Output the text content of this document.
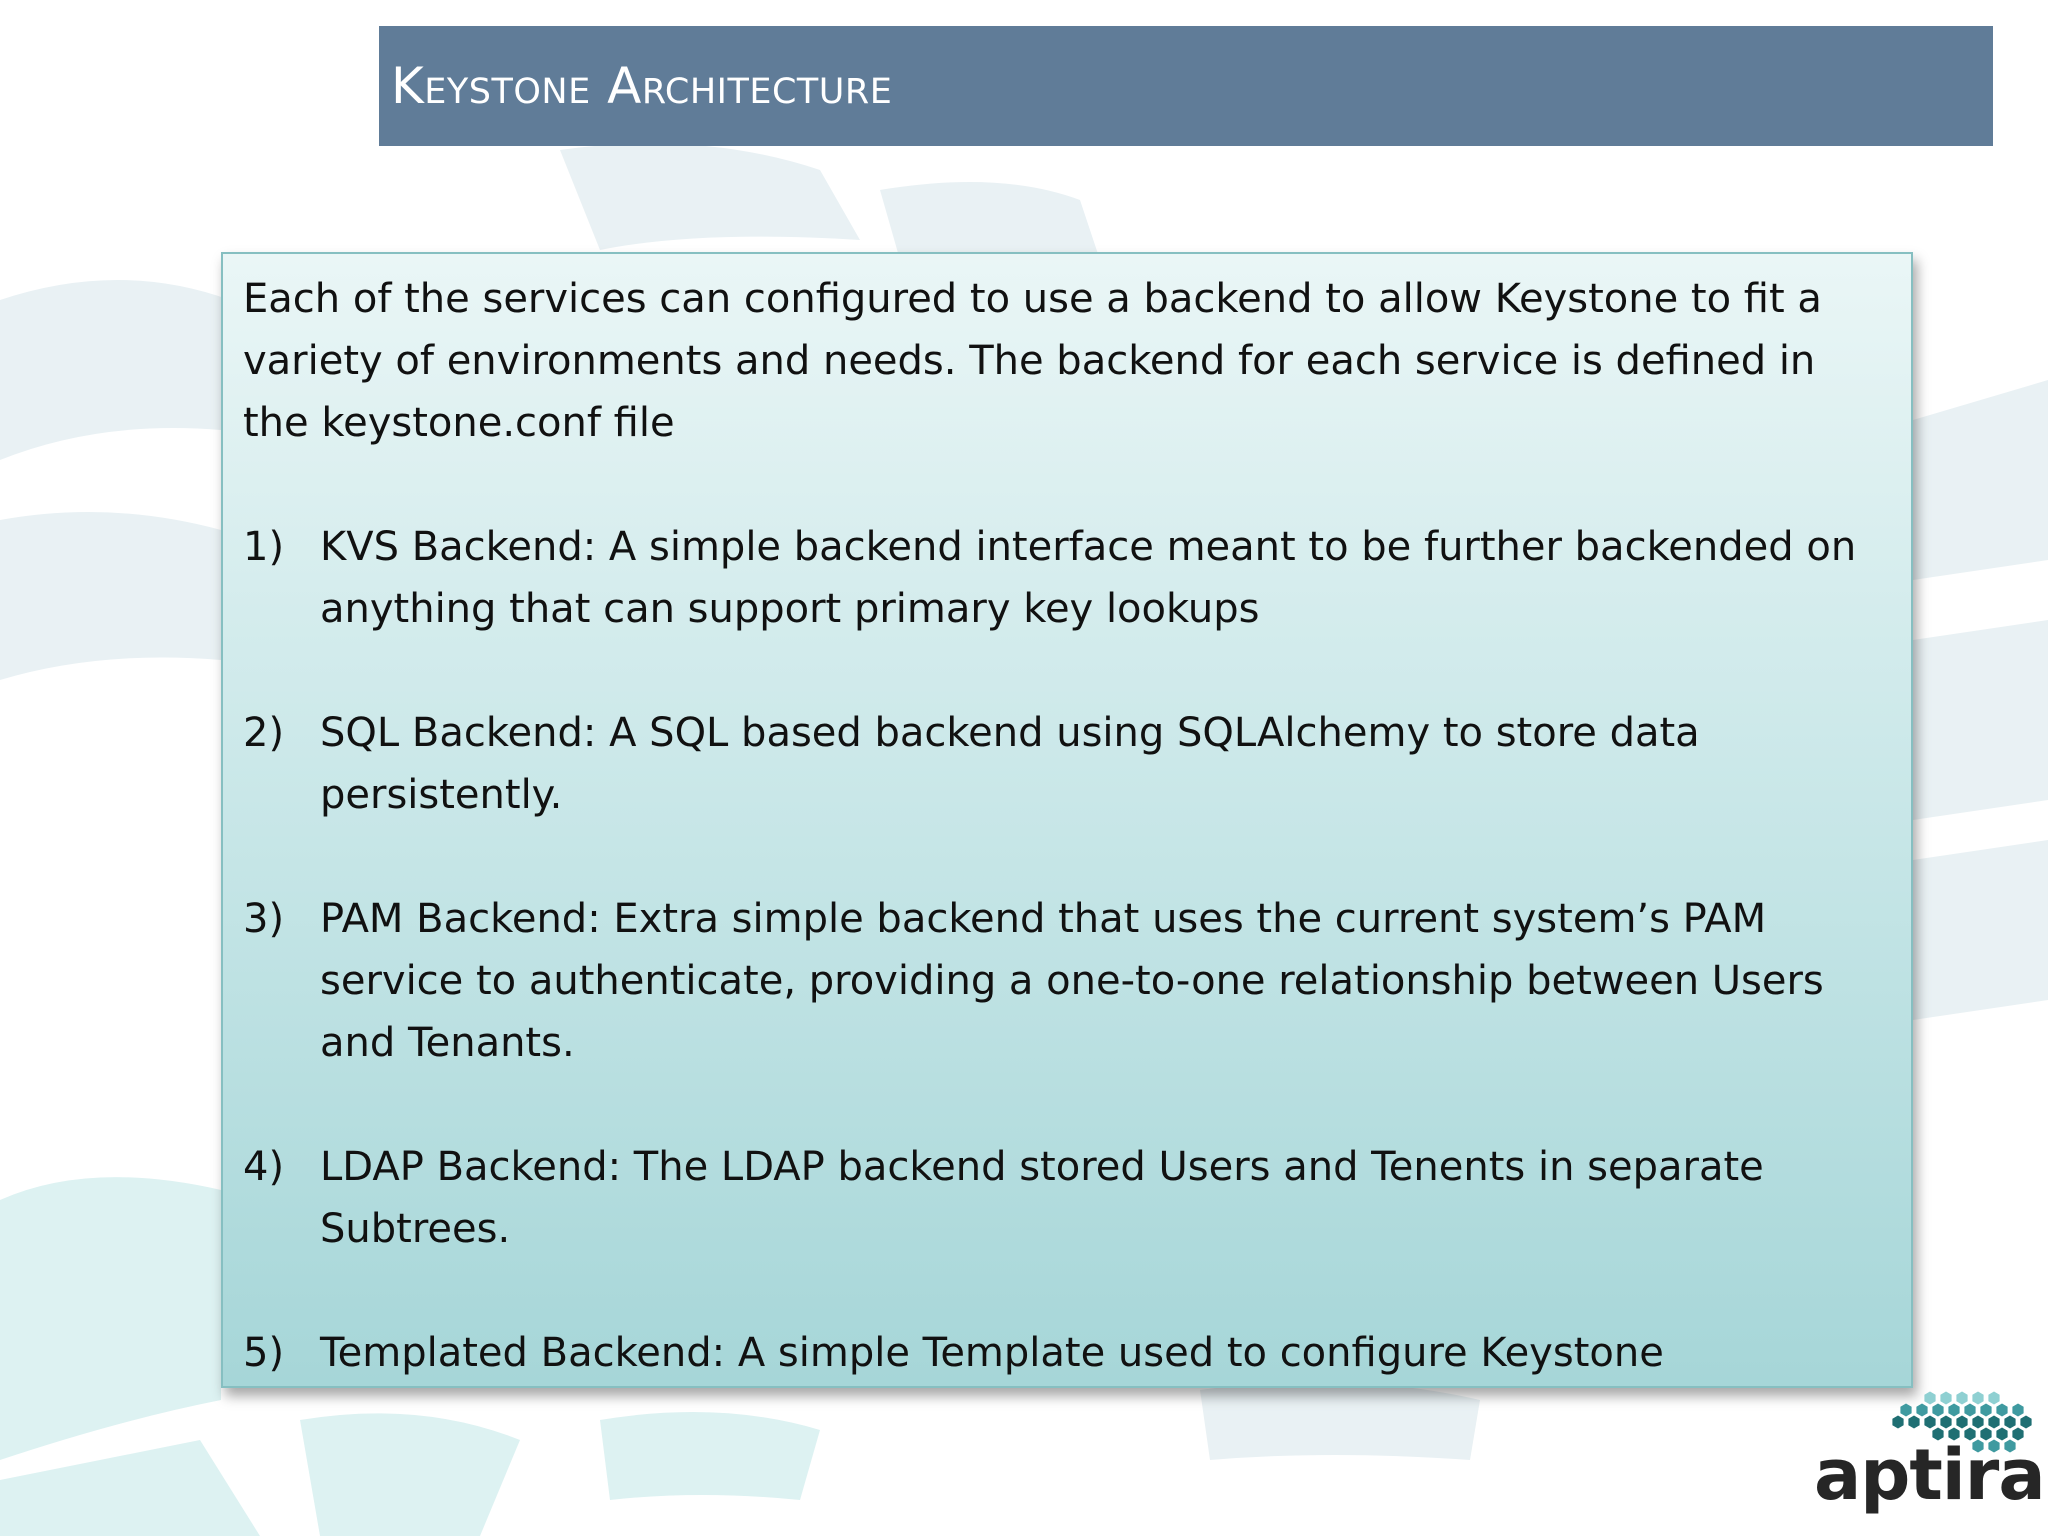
Keystone Architecture

Each of the services can configured to use a backend to allow Keystone to fit a
variety of environments and needs. The backend for each service is defined in
the keystone.conf file

1) KVS Backend: A simple backend interface meant to be further backended on anything that can support primary key lookups
2) SQL Backend: A SQL based backend using SQLAlchemy to store data persistently.
3) PAM Backend: Extra simple backend that uses the current system’s PAM service to authenticate, providing a one-to-one relationship between Users and Tenants.
4) LDAP Backend: The LDAP backend stored Users and Tenents in separate Subtrees.
5) Templated Backend: A simple Template used to configure Keystone
aptira
